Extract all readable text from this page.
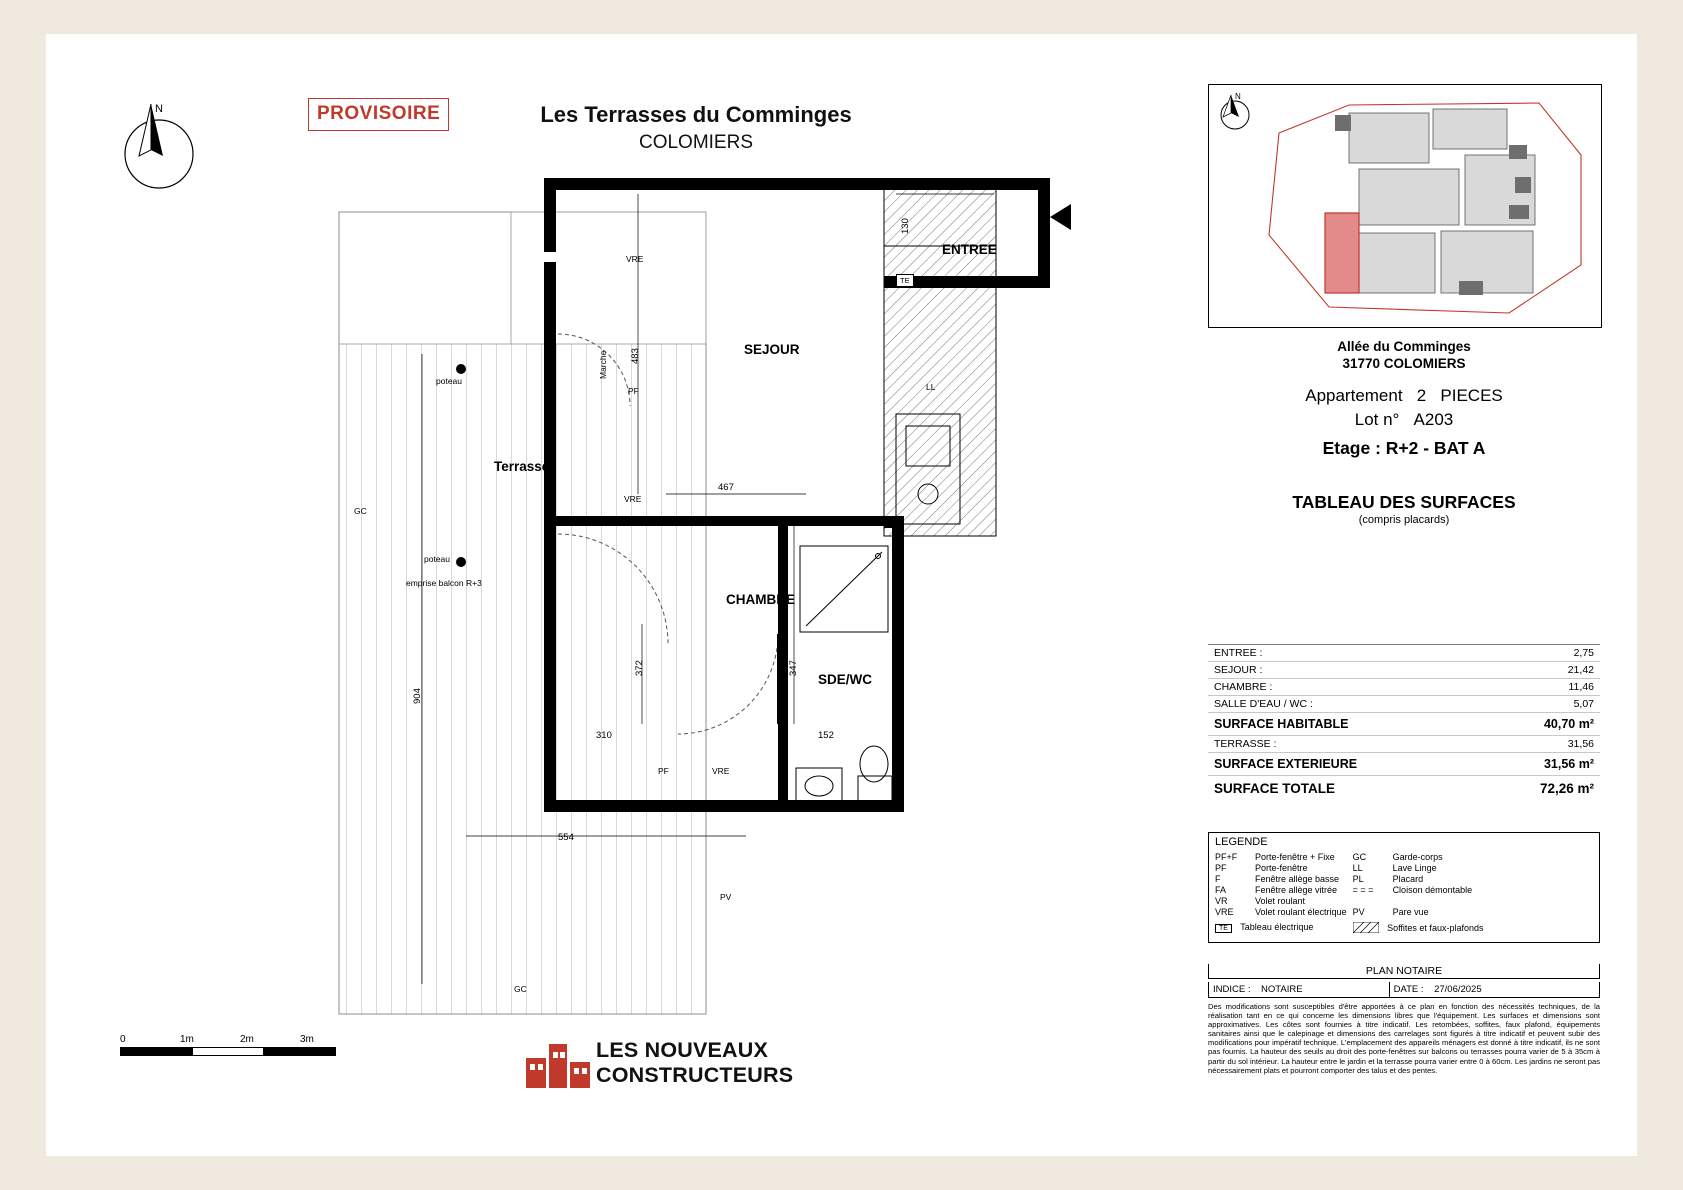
PROVISOIRE	Les Terrasses du Comminges
COLOMIERS
N
ENTREE
SEJOUR
CHAMBRE
SDE/WC
Terrasse
poteau
poteau
emprise balcon R+3
GC
GC
PV
LL
FA
VRE
VRE
VRE
PF
PF
Marche
Marche
TE
212
130
483
467
372	347
310	152
904
554
0	1m	2m	3m	LES NOUVEAUX
CONSTRUCTEURS
N
Allée du Comminges
31770 COLOMIERS
Appartement 2 PIECES
Lot n° A203
Etage : R+2 - BAT A
TABLEAU DES SURFACES
(compris placards)
ENTREE :	2,75
SEJOUR :	21,42
CHAMBRE :	11,46
SALLE D'EAU / WC :	5,07
SURFACE HABITABLE	40,70 m²
TERRASSE :	31,56
SURFACE EXTERIEURE	31,56 m²
SURFACE TOTALE	72,26 m²
LEGENDE
PF+F	Porte-fenêtre + Fixe	GC	Garde-corps
PF	Porte-fenêtre	LL	Lave Linge
F	Fenêtre allège basse	PL	Placard
FA	Fenêtre allège vitrée	= = =	Cloison démontable
VR	Volet roulant		
VRE	Volet roulant électrique	PV	Pare vue
TE Tableau électrique		Soffites et faux-plafonds	
PLAN NOTAIRE
INDICE : NOTAIRE	DATE : 27/06/2025
Des modifications sont susceptibles d'être apportées à ce plan en fonction des nécessités techniques, de la réalisation tant en ce qui concerne les dimensions libres que l'équipement. Les surfaces et dimensions sont approximatives. Les côtes sont fournies à titre indicatif. Les retombées, soffites, faux plafond, équipements sanitaires ainsi que le calepinage et dimensions des carrelages sont figurés à titre indicatif et peuvent subir des modifications pour impératif technique. L'emplacement des appareils ménagers est donné à titre indicatif, ils ne sont pas fournis. La hauteur des seuils au droit des porte-fenêtres sur balcons ou terrasses pourra varier de 5 à 35cm à partir du sol intérieur. La hauteur entre le jardin et la terrasse pourra varier entre 0 à 60cm. Les jardins ne seront pas nécessairement plats et pourront comporter des talus et des pentes.
